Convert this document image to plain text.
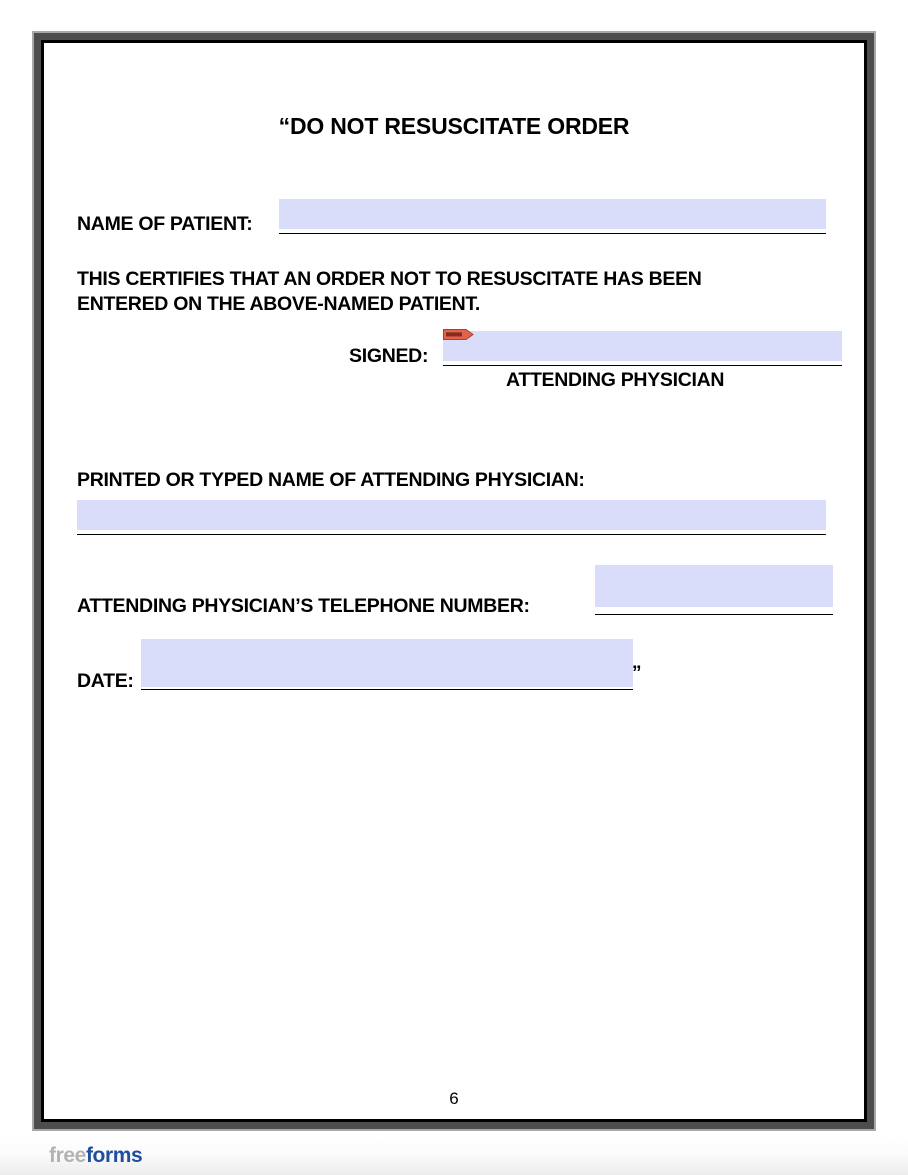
“DO NOT RESUSCITATE ORDER
NAME OF PATIENT:
THIS CERTIFIES THAT AN ORDER NOT TO RESUSCITATE HAS BEEN
ENTERED ON THE ABOVE-NAMED PATIENT.
SIGNED:
ATTENDING PHYSICIAN
PRINTED OR TYPED NAME OF ATTENDING PHYSICIAN:
ATTENDING PHYSICIAN’S TELEPHONE NUMBER:
DATE:	”
6
freeforms
